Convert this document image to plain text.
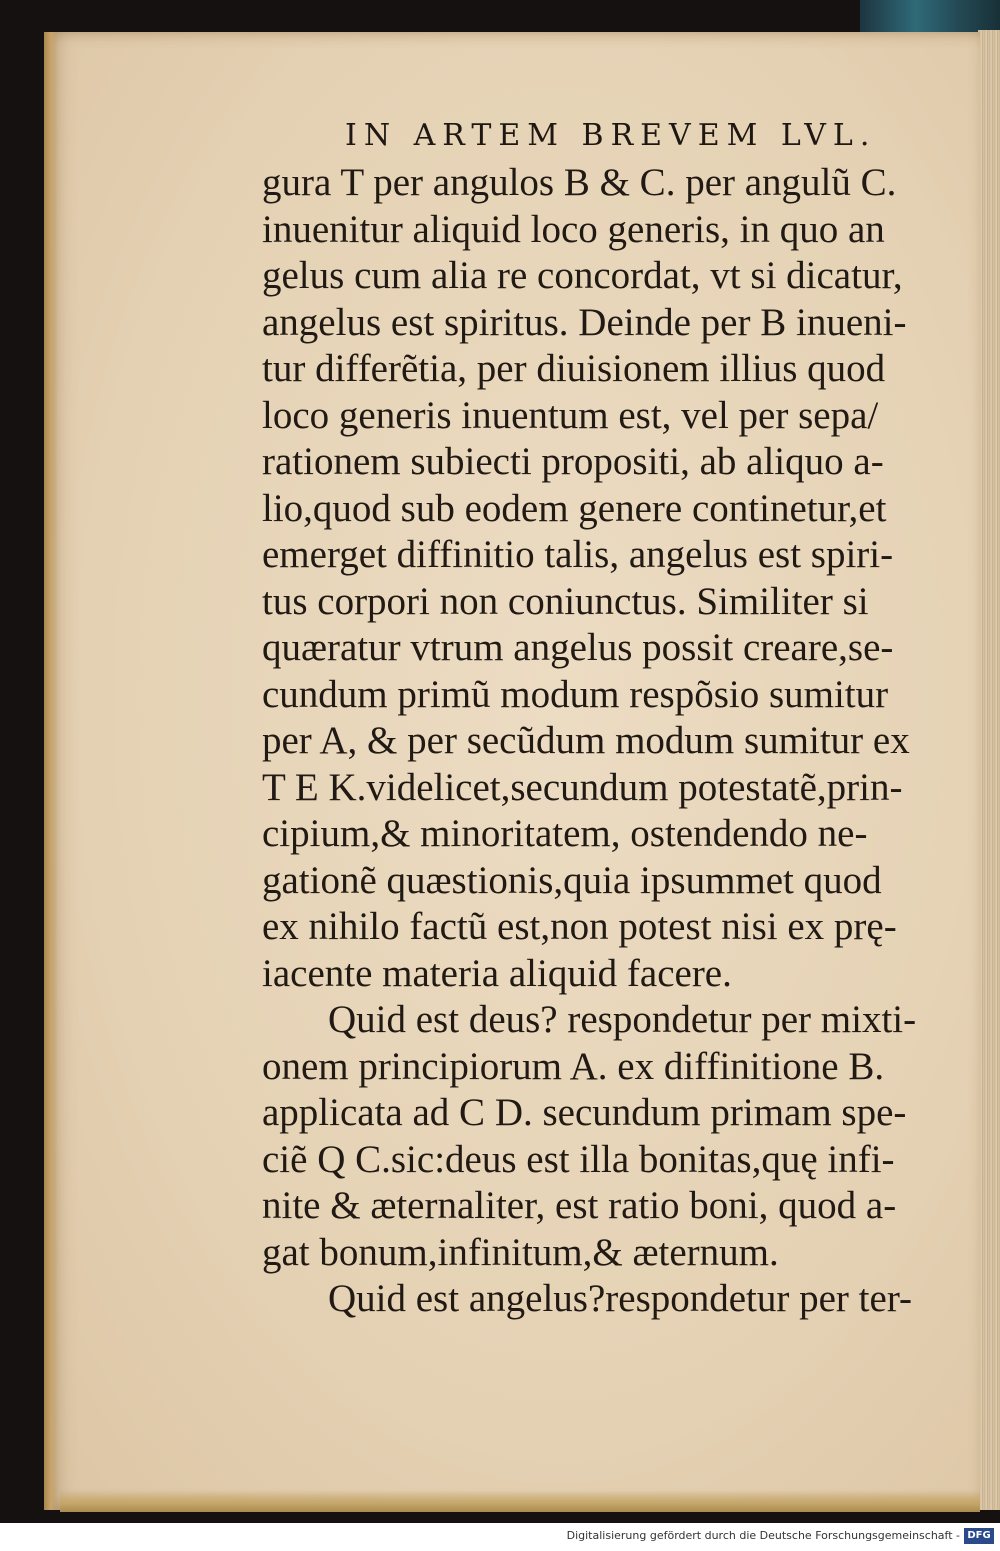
IN ARTEM BREVEM LVL.
gura T per angulos B & C. per angulũ C.
inuenitur aliquid loco generis, in quo an
gelus cum alia re concordat, vt si dicatur,
angelus est spiritus. Deinde per B inueni-
tur differẽtia, per diuisionem illius quod
loco generis inuentum est, vel per sepa/
rationem subiecti propositi, ab aliquo a-
lio,quod sub eodem genere continetur,et
emerget diffinitio talis, angelus est spiri-
tus corpori non coniunctus. Similiter si
quæratur vtrum angelus possit creare,se-
cundum primũ modum respõsio sumitur
per A, & per secũdum modum sumitur ex
T E K.videlicet,secundum potestatẽ,prin-
cipium,& minoritatem, ostendendo ne-
gationẽ quæstionis,quia ipsummet quod
ex nihilo factũ est,non potest nisi ex prę-
iacente materia aliquid facere.
Quid est deus? respondetur per mixti-
onem principiorum A. ex diffinitione B.
applicata ad C D. secundum primam spe-
ciẽ Q C.sic:deus est illa bonitas,quę infi-
nite & æternaliter, est ratio boni, quod a-
gat bonum,infinitum,& æternum.
Quid est angelus?respondetur per ter-
Digitalisierung gefördert durch die Deutsche Forschungsgemeinschaft - DFG
